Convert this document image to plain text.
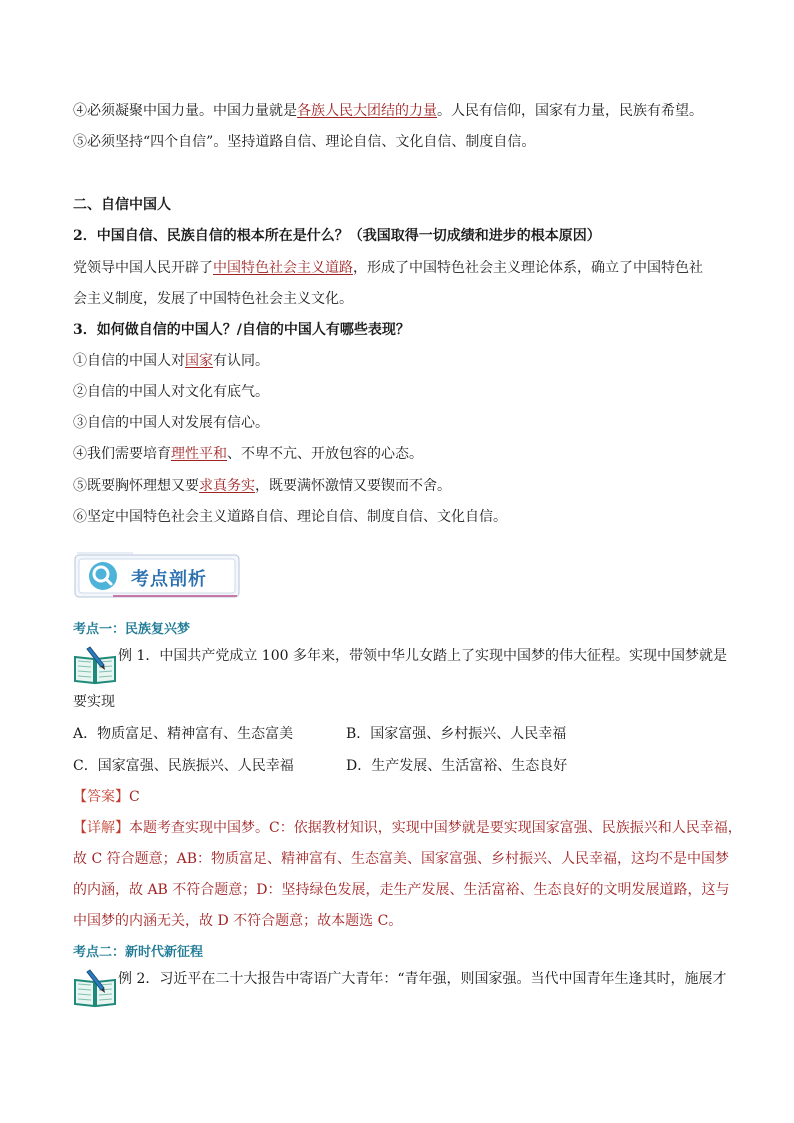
④必须凝聚中国力量。中国力量就是各族人民大团结的力量。人民有信仰，国家有力量，民族有希望。
⑤必须坚持“四个自信”。坚持道路自信、理论自信、文化自信、制度自信。
二、自信中国人
2．中国自信、民族自信的根本所在是什么？（我国取得一切成绩和进步的根本原因）
党领导中国人民开辟了中国特色社会主义道路，形成了中国特色社会主义理论体系，确立了中国特色社
会主义制度，发展了中国特色社会主义文化。
3．如何做自信的中国人？/自信的中国人有哪些表现？
①自信的中国人对国家有认同。
②自信的中国人对文化有底气。
③自信的中国人对发展有信心。
④我们需要培育理性平和、不卑不亢、开放包容的心态。
⑤既要胸怀理想又要求真务实，既要满怀激情又要锲而不舍。
⑥坚定中国特色社会主义道路自信、理论自信、制度自信、文化自信。
考点剖析
考点一：民族复兴梦
例 1．中国共产党成立 100 多年来，带领中华儿女踏上了实现中国梦的伟大征程。实现中国梦就是
要实现
A．物质富足、精神富有、生态富美	B．国家富强、乡村振兴、人民幸福
C．国家富强、民族振兴、人民幸福	D．生产发展、生活富裕、生态良好
【答案】C
【详解】本题考查实现中国梦。C：依据教材知识，实现中国梦就是要实现国家富强、民族振兴和人民幸福，
故 C 符合题意；AB：物质富足、精神富有、生态富美、国家富强、乡村振兴、人民幸福，这均不是中国梦
的内涵，故 AB 不符合题意；D：坚持绿色发展，走生产发展、生活富裕、生态良好的文明发展道路，这与
中国梦的内涵无关，故 D 不符合题意；故本题选 C。
考点二：新时代新征程
例 2．习近平在二十大报告中寄语广大青年：“青年强，则国家强。当代中国青年生逢其时，施展才
